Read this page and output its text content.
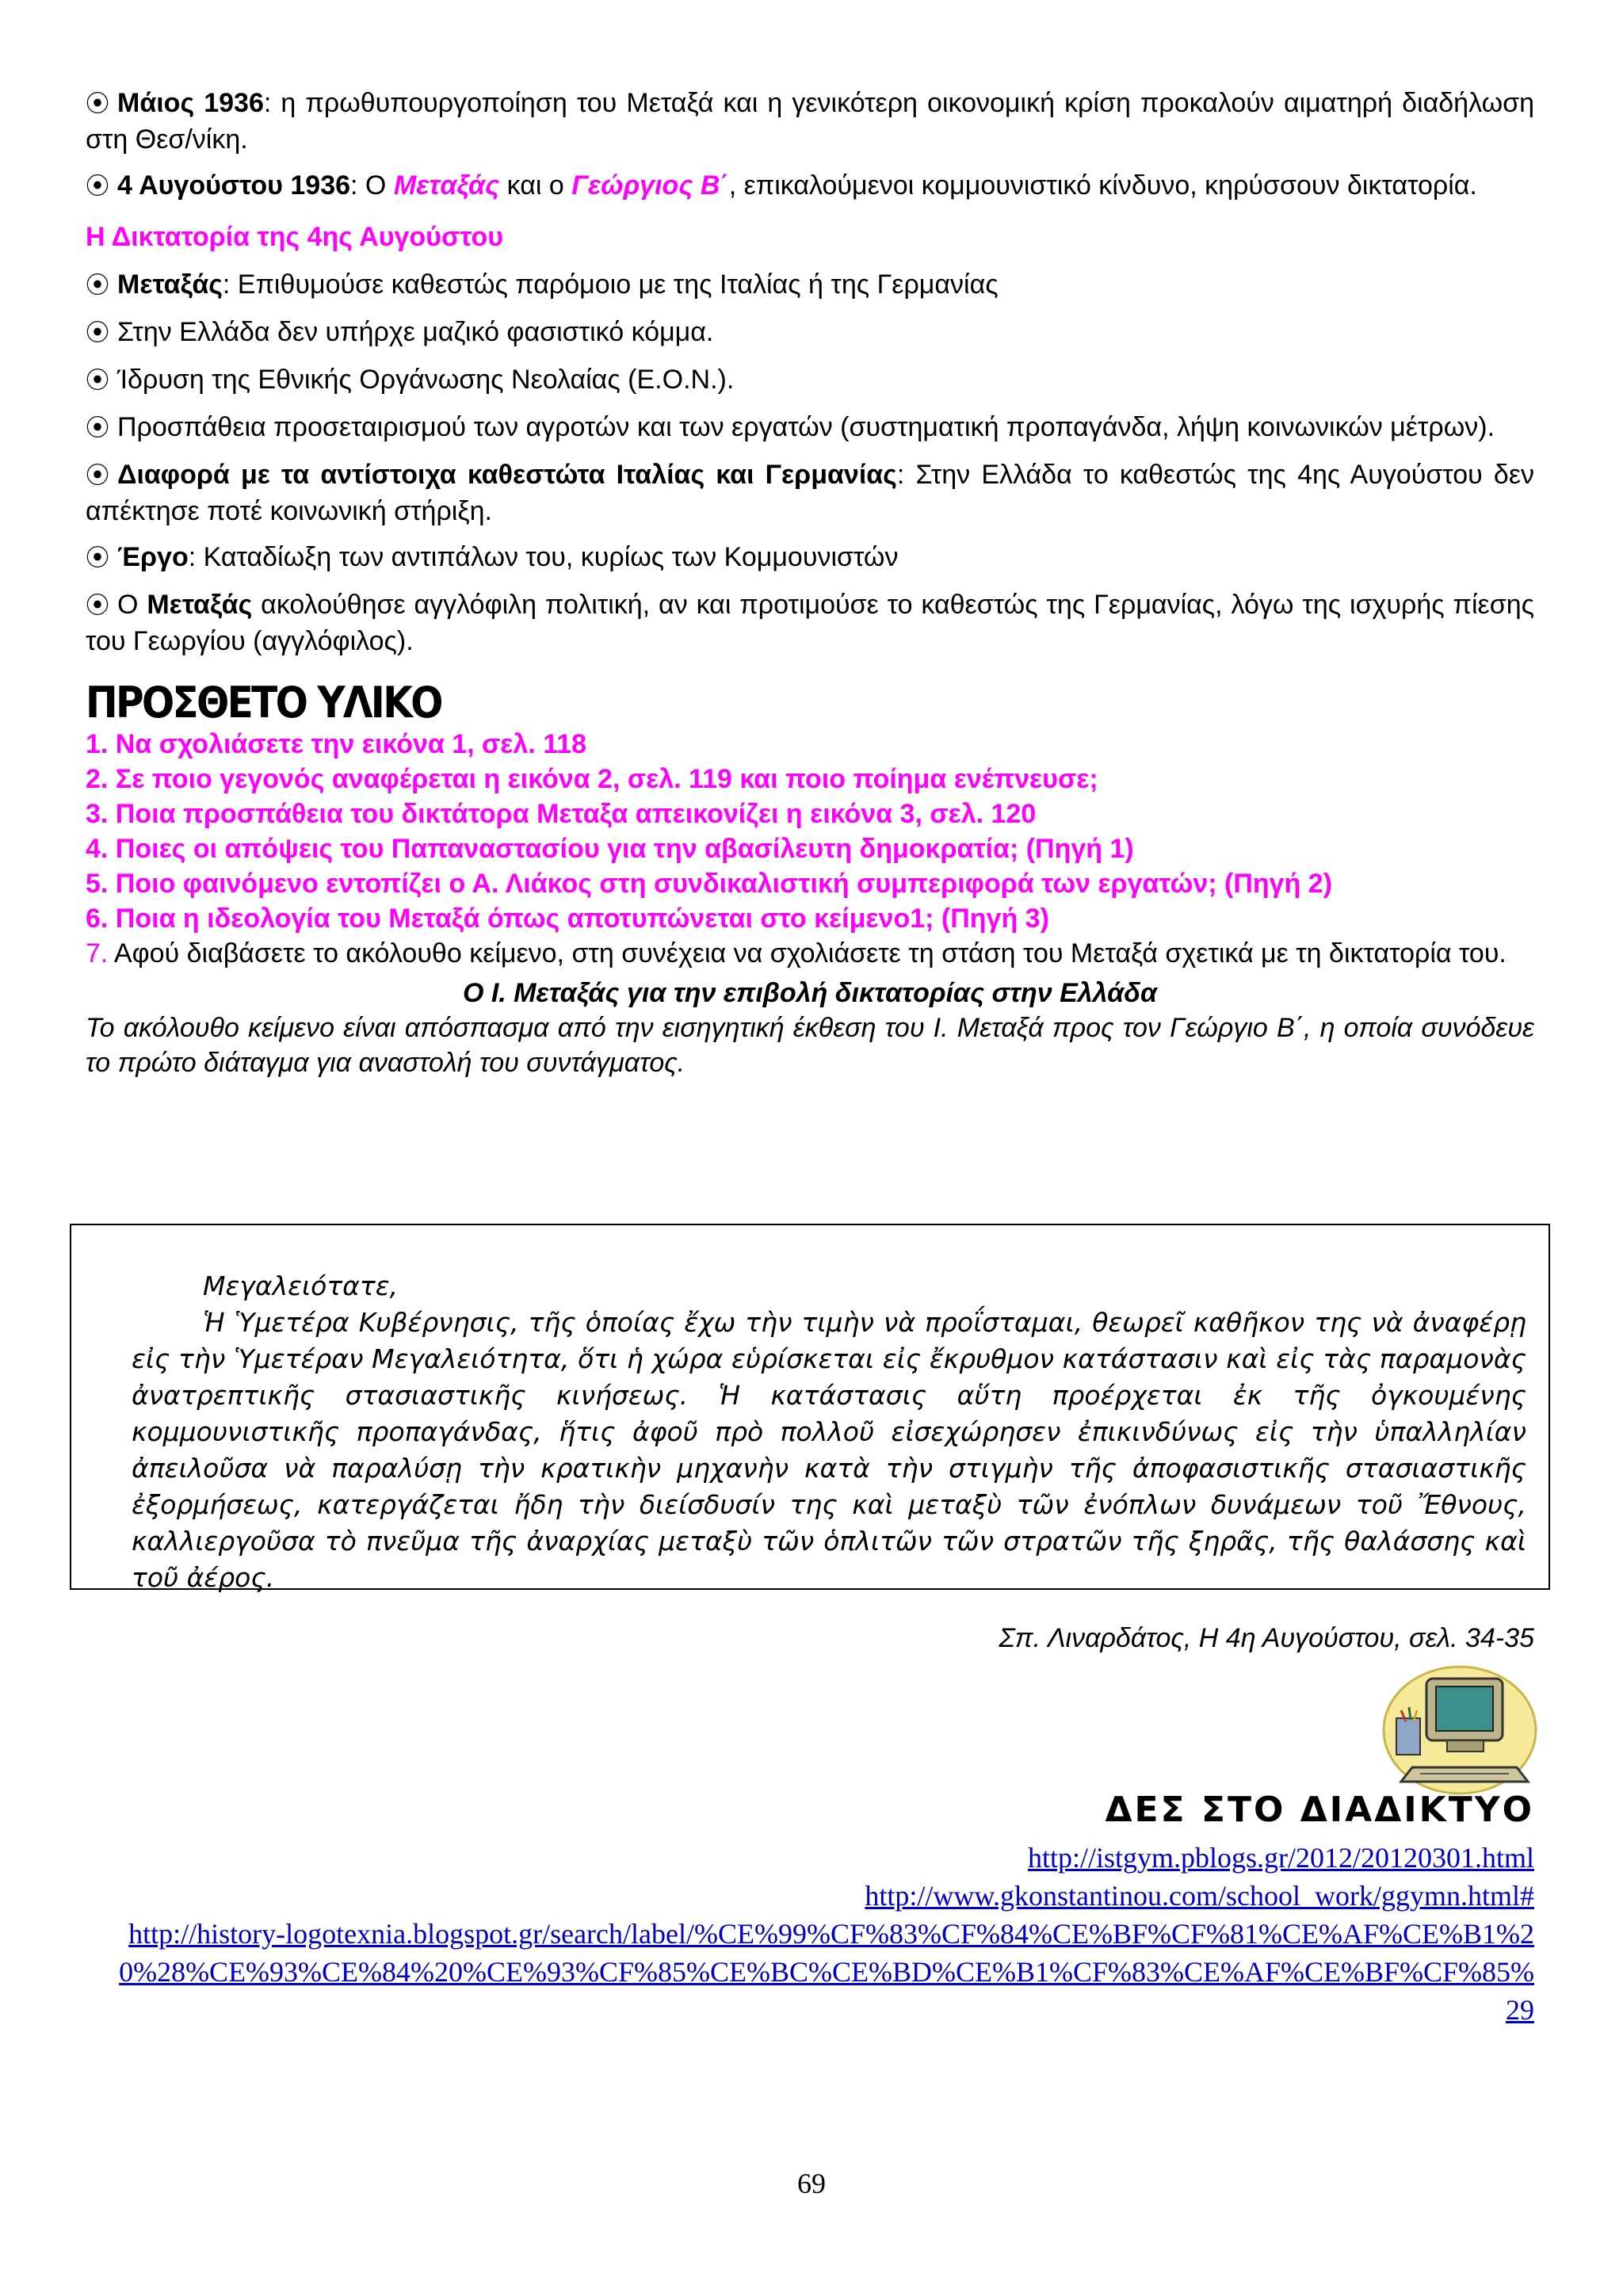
⦿ Μάιος 1936: η πρωθυπουργοποίηση του Μεταξά και η γενικότερη οικονομική κρίση προκαλούν αιματηρή διαδήλωση στη Θεσ/νίκη.

⦿ 4 Αυγούστου 1936: Ο Μεταξάς και ο Γεώργιος Β΄, επικαλούμενοι κομμουνιστικό κίνδυνο, κηρύσσουν δικτατορία.

Η Δικτατορία της 4ης Αυγούστου

⦿ Μεταξάς: Επιθυμούσε καθεστώς παρόμοιο με της Ιταλίας ή της Γερμανίας

⦿ Στην Ελλάδα δεν υπήρχε μαζικό φασιστικό κόμμα.

⦿ Ίδρυση της Εθνικής Οργάνωσης Νεολαίας (Ε.Ο.Ν.).

⦿ Προσπάθεια προσεταιρισμού των αγροτών και των εργατών (συστηματική προπαγάνδα, λήψη κοινωνικών μέτρων).

⦿ Διαφορά με τα αντίστοιχα καθεστώτα Ιταλίας και Γερμανίας: Στην Ελλάδα το καθεστώς της 4ης Αυγούστου δεν απέκτησε ποτέ κοινωνική στήριξη.

⦿ Έργο: Καταδίωξη των αντιπάλων του, κυρίως των Κομμουνιστών

⦿ Ο Μεταξάς ακολούθησε αγγλόφιλη πολιτική, αν και προτιμούσε το καθεστώς της Γερμανίας, λόγω της ισχυρής πίεσης του Γεωργίου (αγγλόφιλος).

ΠΡΟΣΘΕΤΟ ΥΛΙΚΟ

1. Να σχολιάσετε την εικόνα 1, σελ. 118

2. Σε ποιο γεγονός αναφέρεται η εικόνα 2, σελ. 119 και ποιο ποίημα ενέπνευσε;

3. Ποια προσπάθεια του δικτάτορα Μεταξα απεικονίζει η εικόνα 3, σελ. 120

4. Ποιες οι απόψεις του Παπαναστασίου για την αβασίλευτη δημοκρατία; (Πηγή 1)

5. Ποιο φαινόμενο εντοπίζει ο Α. Λιάκος στη συνδικαλιστική συμπεριφορά των εργατών; (Πηγή 2)

6. Ποια η ιδεολογία του Μεταξά όπως αποτυπώνεται στο κείμενο1; (Πηγή 3)

7. Αφού διαβάσετε το ακόλουθο κείμενο, στη συνέχεια να σχολιάσετε τη στάση του Μεταξά σχετικά με τη δικτατορία του.

Ο Ι. Μεταξάς για την επιβολή δικτατορίας στην Ελλάδα

Το ακόλουθο κείμενο είναι απόσπασμα από την εισηγητική έκθεση του Ι. Μεταξά προς τον Γεώργιο Β΄, η οποία συνόδευε το πρώτο διάταγμα για αναστολή του συντάγματος.

Μεγαλειότατε,
Ἡ Ὑμετέρα Κυβέρνησις, τῆς ὁποίας ἔχω τὴν τιμὴν νὰ προΐσταμαι, θεωρεῖ καθῆκον της νὰ ἀναφέρῃ εἰς τὴν Ὑμετέραν Μεγαλειότητα, ὅτι ἡ χώρα εὑρίσκεται εἰς ἔκρυθμον κατάστασιν καὶ εἰς τὰς παραμονὰς ἀνατρεπτικῆς στασιαστικῆς κινήσεως. Ἡ κατάστασις αὕτη προέρχεται ἐκ τῆς ὀγκουμένης κομμουνιστικῆς προπαγάνδας, ἥτις ἀφοῦ πρὸ πολλοῦ εἰσεχώρησεν ἐπικινδύνως εἰς τὴν ὑπαλληλίαν ἀπειλοῦσα νὰ παραλύσῃ τὴν κρατικὴν μηχανὴν κατὰ τὴν στιγμὴν τῆς ἀποφασιστικῆς στασιαστικῆς ἐξορμήσεως, κατεργάζεται ἤδη τὴν διείσδυσίν της καὶ μεταξὺ τῶν ἐνόπλων δυνάμεων τοῦ Ἔθνους, καλλιεργοῦσα τὸ πνεῦμα τῆς ἀναρχίας μεταξὺ τῶν ὁπλιτῶν τῶν στρατῶν τῆς ξηρᾶς, τῆς θαλάσσης καὶ τοῦ ἀέρος.
Σπ. Λιναρδάτος, Η 4η Αυγούστου, σελ. 34-35
ΔΕΣ ΣΤΟ ΔΙΑΔΙΚΤΥΟ
http://istgym.pblogs.gr/2012/20120301.html
http://www.gkonstantinou.com/school_work/ggymn.html#
http://history-logotexnia.blogspot.gr/search/label/%CE%99%CF%83%CF%84%CE%BF%CF%81%CE%AF%CE%B1%20%28%CE%93%CE%84%20%CE%93%CF%85%CE%BC%CE%BD%CE%B1%CF%83%CE%AF%CE%BF%CF%85%29
69
